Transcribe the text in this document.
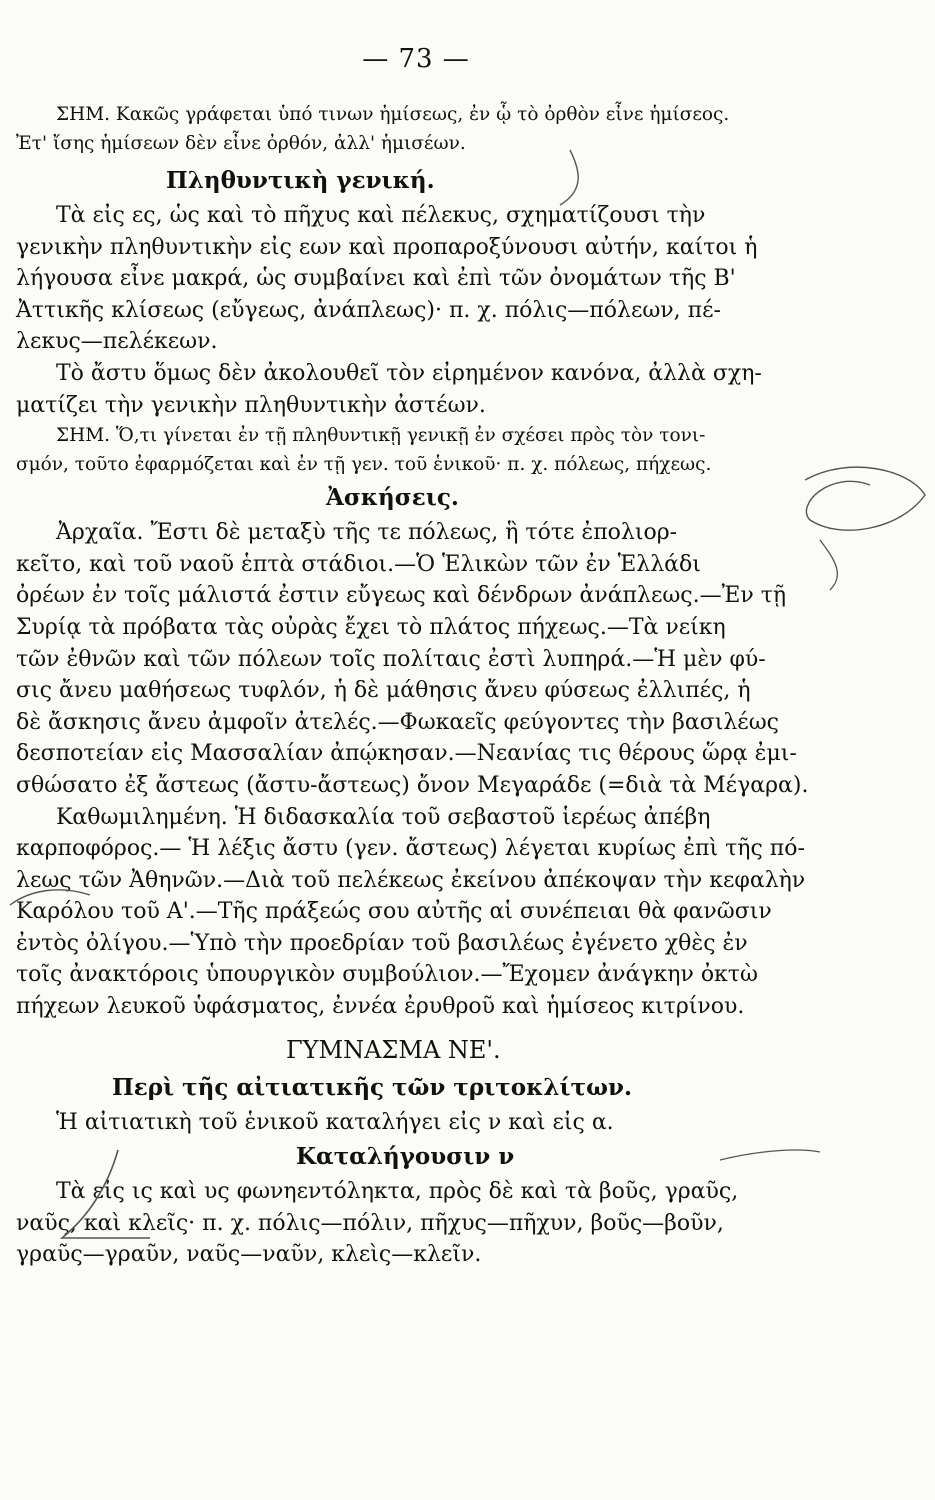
— 73 —

ΣΗΜ. Κακῶς γράφεται ὑπό τινων ἡμίσεως, ἐν ᾧ τὸ ὀρθὸν εἶνε ἡμίσεος.

Ἐτ' ἴσης ἡμίσεων δὲν εἶνε ὀρθόν, ἀλλ' ἡμισέων.

Πληθυντικὴ γενική.

Τὰ εἰς ες, ὡς καὶ τὸ πῆχυς καὶ πέλεκυς, σχηματίζουσι τὴν

γενικὴν πληθυντικὴν εἰς εων καὶ προπαροξύνουσι αὐτήν, καίτοι ἡ

λήγουσα εἶνε μακρά, ὡς συμβαίνει καὶ ἐπὶ τῶν ὀνομάτων τῆς Β'

Ἀττικῆς κλίσεως (εὔγεως, ἀνάπλεως)· π. χ. πόλις—πόλεων, πέ-

λεκυς—πελέκεων.

Τὸ ἄστυ ὅμως δὲν ἀκολουθεῖ τὸν εἰρημένον κανόνα, ἀλλὰ σχη-

ματίζει τὴν γενικὴν πληθυντικὴν ἀστέων.

ΣΗΜ. Ὅ,τι γίνεται ἐν τῇ πληθυντικῇ γενικῇ ἐν σχέσει πρὸς τὸν τονι-

σμόν, τοῦτο ἐφαρμόζεται καὶ ἐν τῇ γεν. τοῦ ἑνικοῦ· π. χ. πόλεως, πήχεως.

Ἀσκήσεις.

Ἀρχαῖα. Ἔστι δὲ μεταξὺ τῆς τε πόλεως, ἣ τότε ἐπολιορ-

κεῖτο, καὶ τοῦ ναοῦ ἑπτὰ στάδιοι.—Ὁ Ἑλικὼν τῶν ἐν Ἑλλάδι

ὀρέων ἐν τοῖς μάλιστά ἐστιν εὔγεως καὶ δένδρων ἀνάπλεως.—Ἐν τῇ

Συρίᾳ τὰ πρόβατα τὰς οὐρὰς ἔχει τὸ πλάτος πήχεως.—Τὰ νείκη

τῶν ἐθνῶν καὶ τῶν πόλεων τοῖς πολίταις ἐστὶ λυπηρά.—Ἡ μὲν φύ-

σις ἄνευ μαθήσεως τυφλόν, ἡ δὲ μάθησις ἄνευ φύσεως ἐλλιπές, ἡ

δὲ ἄσκησις ἄνευ ἀμφοῖν ἀτελές.—Φωκαεῖς φεύγοντες τὴν βασιλέως

δεσποτείαν εἰς Μασσαλίαν ἀπῴκησαν.—Νεανίας τις θέρους ὥρᾳ ἐμι-

σθώσατο ἐξ ἄστεως (ἄστυ-ἄστεως) ὄνον Μεγαράδε (=διὰ τὰ Μέγαρα).

Καθωμιλημένη. Ἡ διδασκαλία τοῦ σεβαστοῦ ἱερέως ἀπέβη

καρποφόρος.— Ἡ λέξις ἄστυ (γεν. ἄστεως) λέγεται κυρίως ἐπὶ τῆς πό-

λεως τῶν Ἀθηνῶν.—Διὰ τοῦ πελέκεως ἐκείνου ἀπέκοψαν τὴν κεφαλὴν

Καρόλου τοῦ Α'.—Τῆς πράξεώς σου αὐτῆς αἱ συνέπειαι θὰ φανῶσιν

ἐντὸς ὀλίγου.—Ὑπὸ τὴν προεδρίαν τοῦ βασιλέως ἐγένετο χθὲς ἐν

τοῖς ἀνακτόροις ὑπουργικὸν συμβούλιον.—Ἔχομεν ἀνάγκην ὀκτὼ

πήχεων λευκοῦ ὑφάσματος, ἐννέα ἐρυθροῦ καὶ ἡμίσεος κιτρίνου.

ΓΥΜΝΑΣΜΑ ΝΕ'.

Περὶ τῆς αἰτιατικῆς τῶν τριτοκλίτων.

Ἡ αἰτιατικὴ τοῦ ἑνικοῦ καταλήγει εἰς ν καὶ εἰς α.

Καταλήγουσιν ν

Τὰ εἰς ις καὶ υς φωνηεντόληκτα, πρὸς δὲ καὶ τὰ βοῦς, γραῦς,

ναῦς, καὶ κλεῖς· π. χ. πόλις—πόλιν, πῆχυς—πῆχυν, βοῦς—βοῦν,

γραῦς—γραῦν, ναῦς—ναῦν, κλεὶς—κλεῖν.
